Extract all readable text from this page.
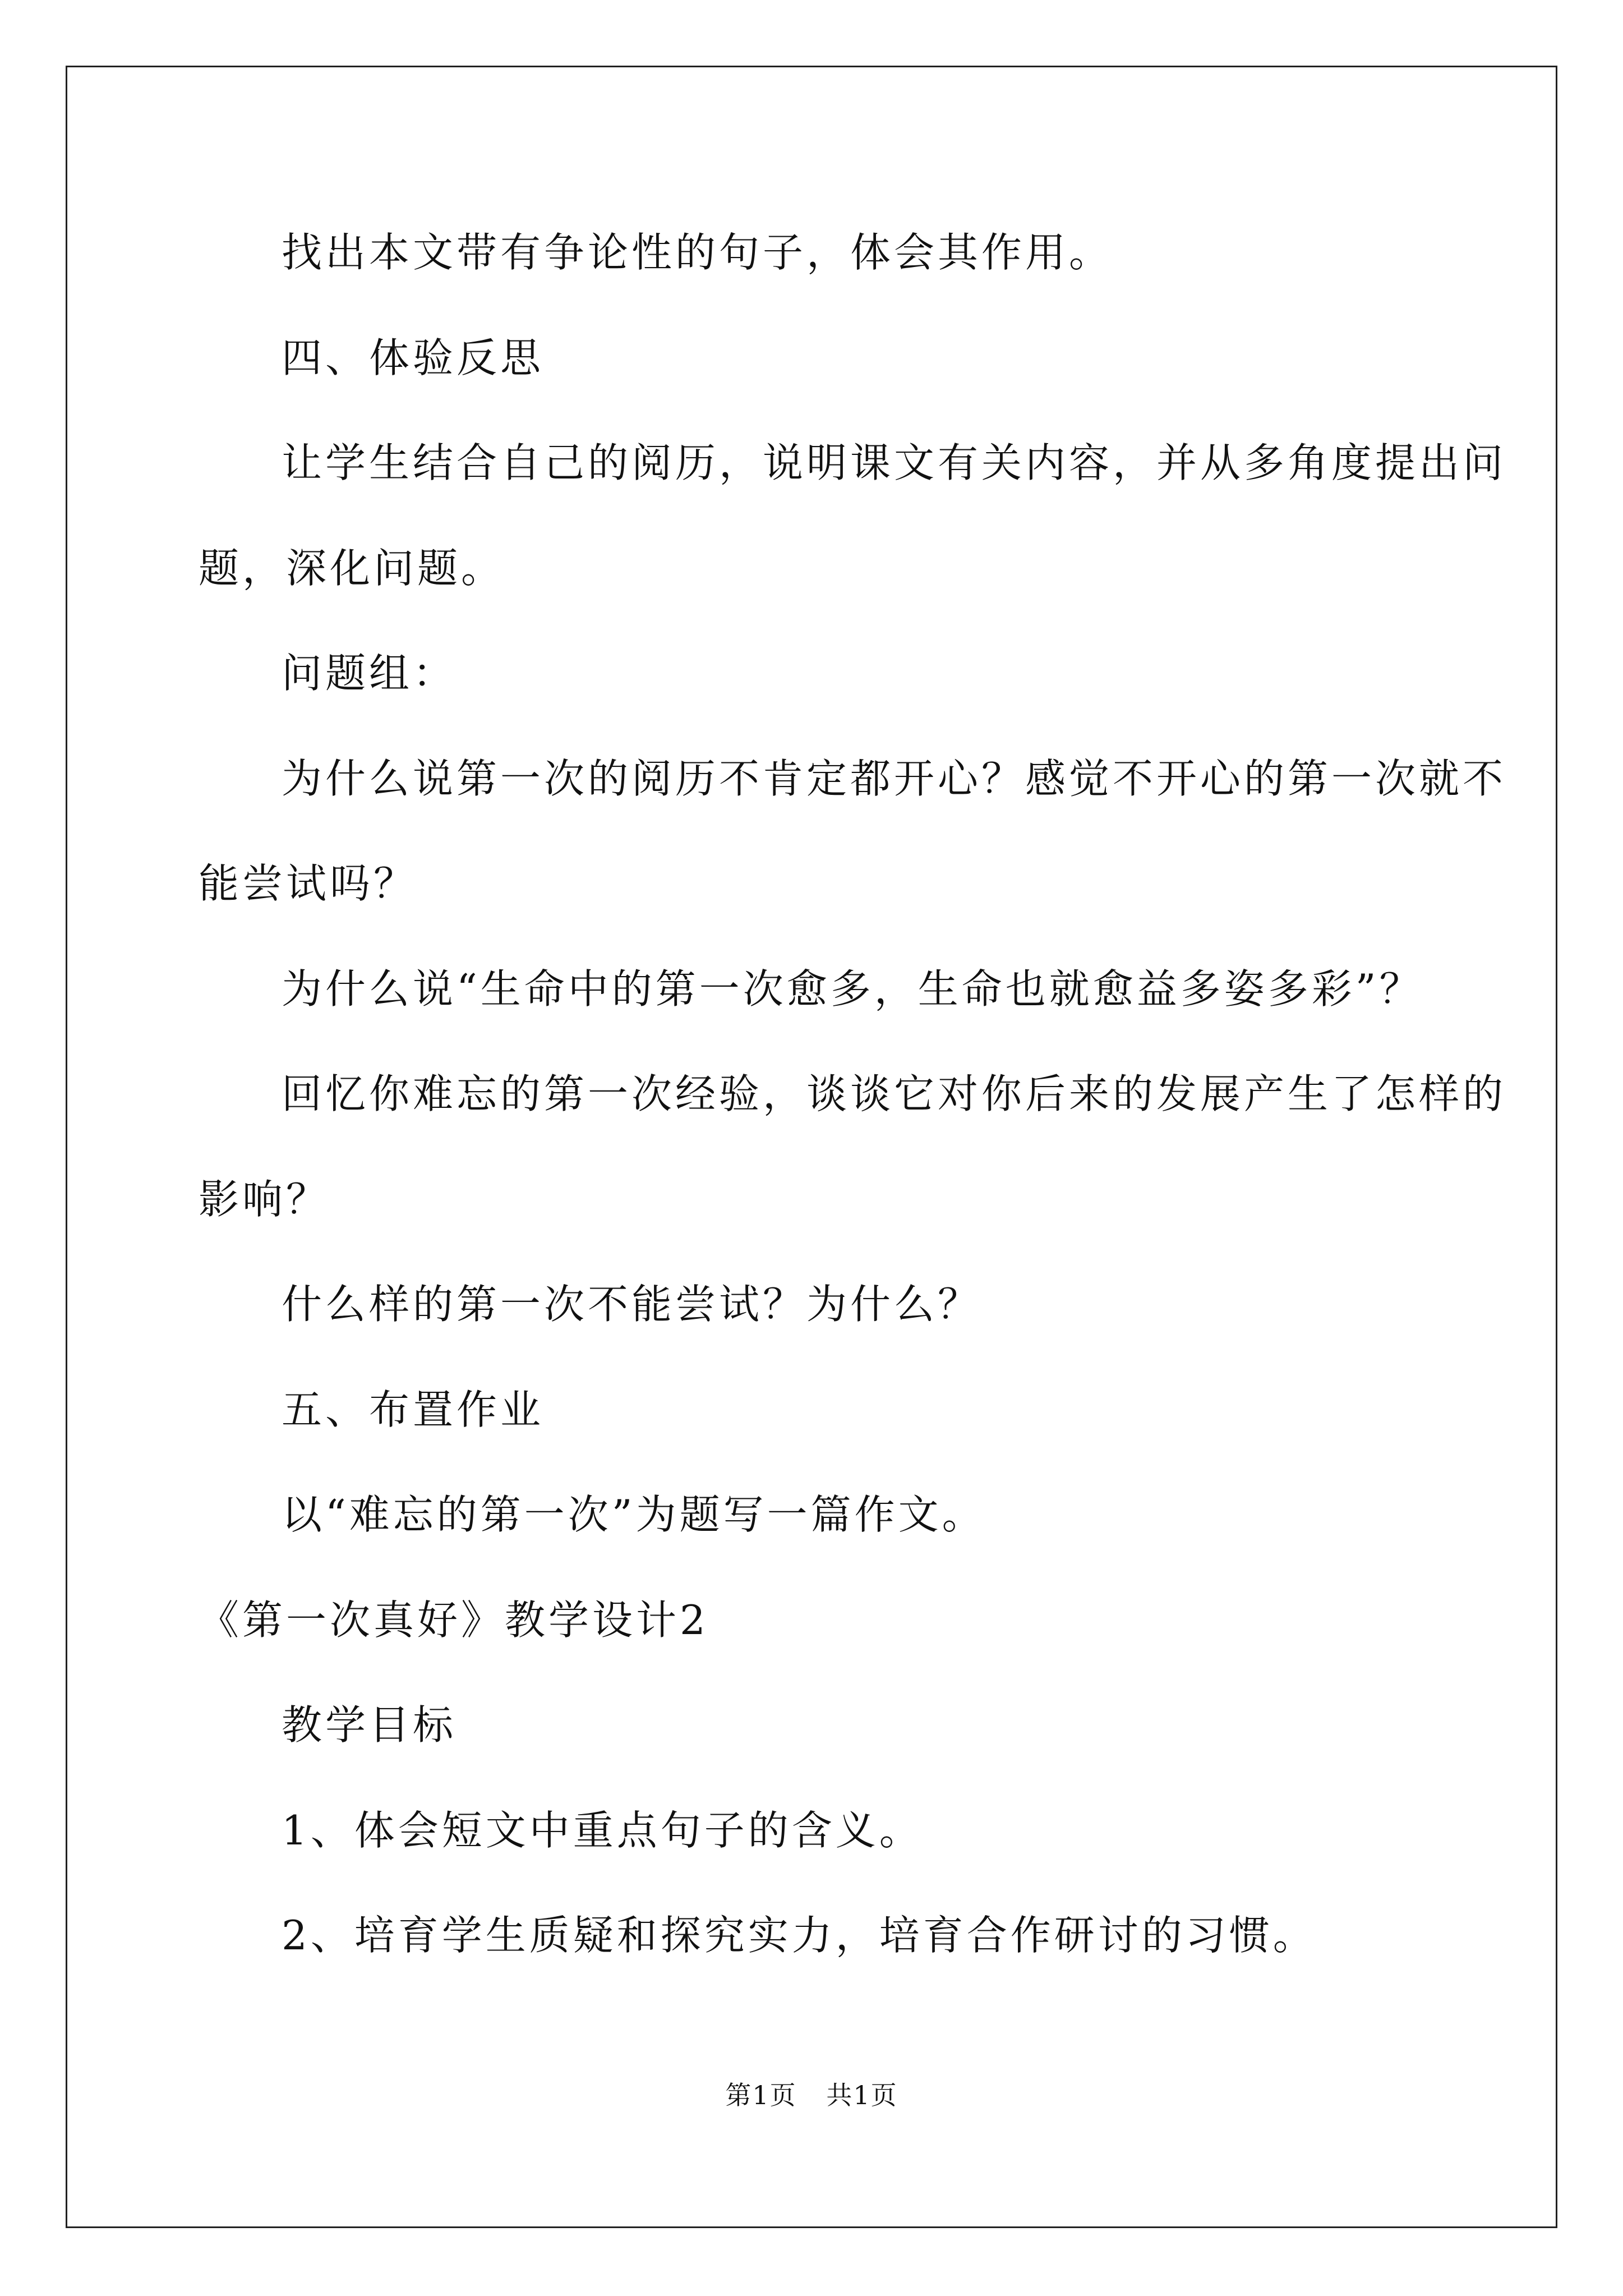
找出本文带有争论性的句子，体会其作用。
四、体验反思
让学生结合自己的阅历，说明课文有关内容，并从多角度提出问
题，深化问题。
问题组：
为什么说第一次的阅历不肯定都开心？感觉不开心的第一次就不
能尝试吗？
为什么说“生命中的第一次愈多，生命也就愈益多姿多彩”？
回忆你难忘的第一次经验，谈谈它对你后来的发展产生了怎样的
影响？
什么样的第一次不能尝试？为什么？
五、布置作业
以“难忘的第一次”为题写一篇作文。
《第一次真好》教学设计2
教学目标
1、体会短文中重点句子的含义。
2、培育学生质疑和探究实力，培育合作研讨的习惯。
第1页 共1页
